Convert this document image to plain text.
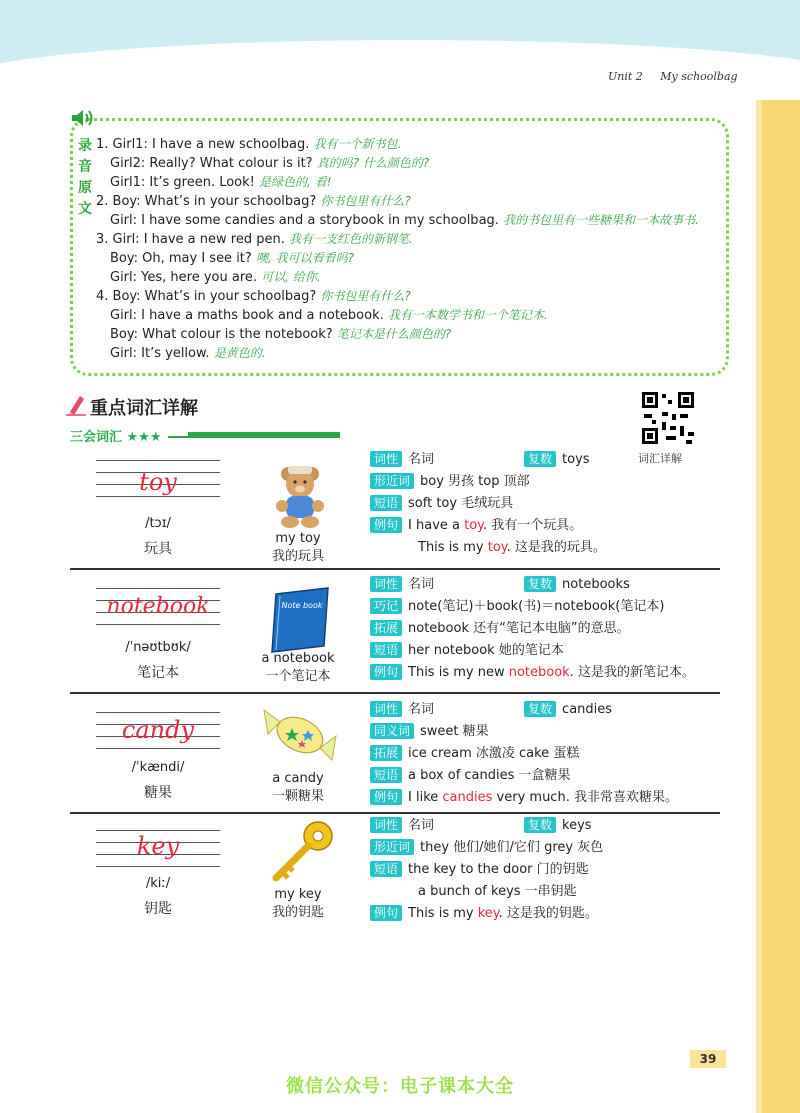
Unit 2 My schoolbag
录
音
原
文
1. Girl1: I have a new schoolbag. 我有一个新书包.
Girl2: Really? What colour is it? 真的吗? 什么颜色的?
Girl1: It’s green. Look! 是绿色的, 看!
2. Boy: What’s in your schoolbag? 你书包里有什么?
Girl: I have some candies and a storybook in my schoolbag. 我的书包里有一些糖果和一本故事书.
3. Girl: I have a new red pen. 我有一支红色的新钢笔.
Boy: Oh, may I see it? 噢, 我可以看看吗?
Girl: Yes, here you are. 可以, 给你.
4. Boy: What’s in your schoolbag? 你书包里有什么?
Girl: I have a maths book and a notebook. 我有一本数学书和一个笔记本.
Boy: What colour is the notebook? 笔记本是什么颜色的?
Girl: It’s yellow. 是黄色的.
重点词汇详解
三会词汇 ★★★
词汇详解
toy
/tɔɪ/
玩具
my toy
我的玩具
词性 名词	复数 toys
形近词 boy 男孩 top 顶部
短语 soft toy 毛绒玩具
例句 I have a toy. 我有一个玩具。
This is my toy. 这是我的玩具。
notebook
/ˈnəʊtbʊk/
笔记本
Note book
a notebook
一个笔记本
词性 名词	复数 notebooks
巧记 note(笔记)＋book(书)＝notebook(笔记本)
拓展 notebook 还有“笔记本电脑”的意思。
短语 her notebook 她的笔记本
例句 This is my new notebook. 这是我的新笔记本。
candy
/ˈkændi/
糖果
a candy
一颗糖果
词性 名词	复数 candies
同义词 sweet 糖果
拓展 ice cream 冰激凌 cake 蛋糕
短语 a box of candies 一盒糖果
例句 I like candies very much. 我非常喜欢糖果。
key
/kiː/
钥匙
my key
我的钥匙
词性 名词	复数 keys
形近词 they 他们/她们/它们 grey 灰色
短语 the key to the door 门的钥匙
a bunch of keys 一串钥匙
例句 This is my key. 这是我的钥匙。
39
微信公众号：电子课本大全
